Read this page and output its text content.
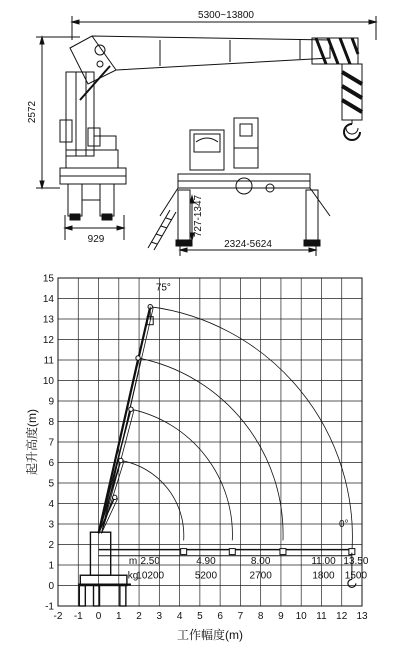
5300~13800
2572
929	2324-5624
727-1347
-2 -1 0 1 2 3 4 5 6 7 8 9 10 11 12 13
-1
0
1
2
3
4
5
6
7
8
9
10
11
12
13
14
15
工作幅度(m)
起升高度(m)
75°
0°
m
kg
2.50	4.90	8.00	11.00 13.50
10200	5200	2700	1800 1500
